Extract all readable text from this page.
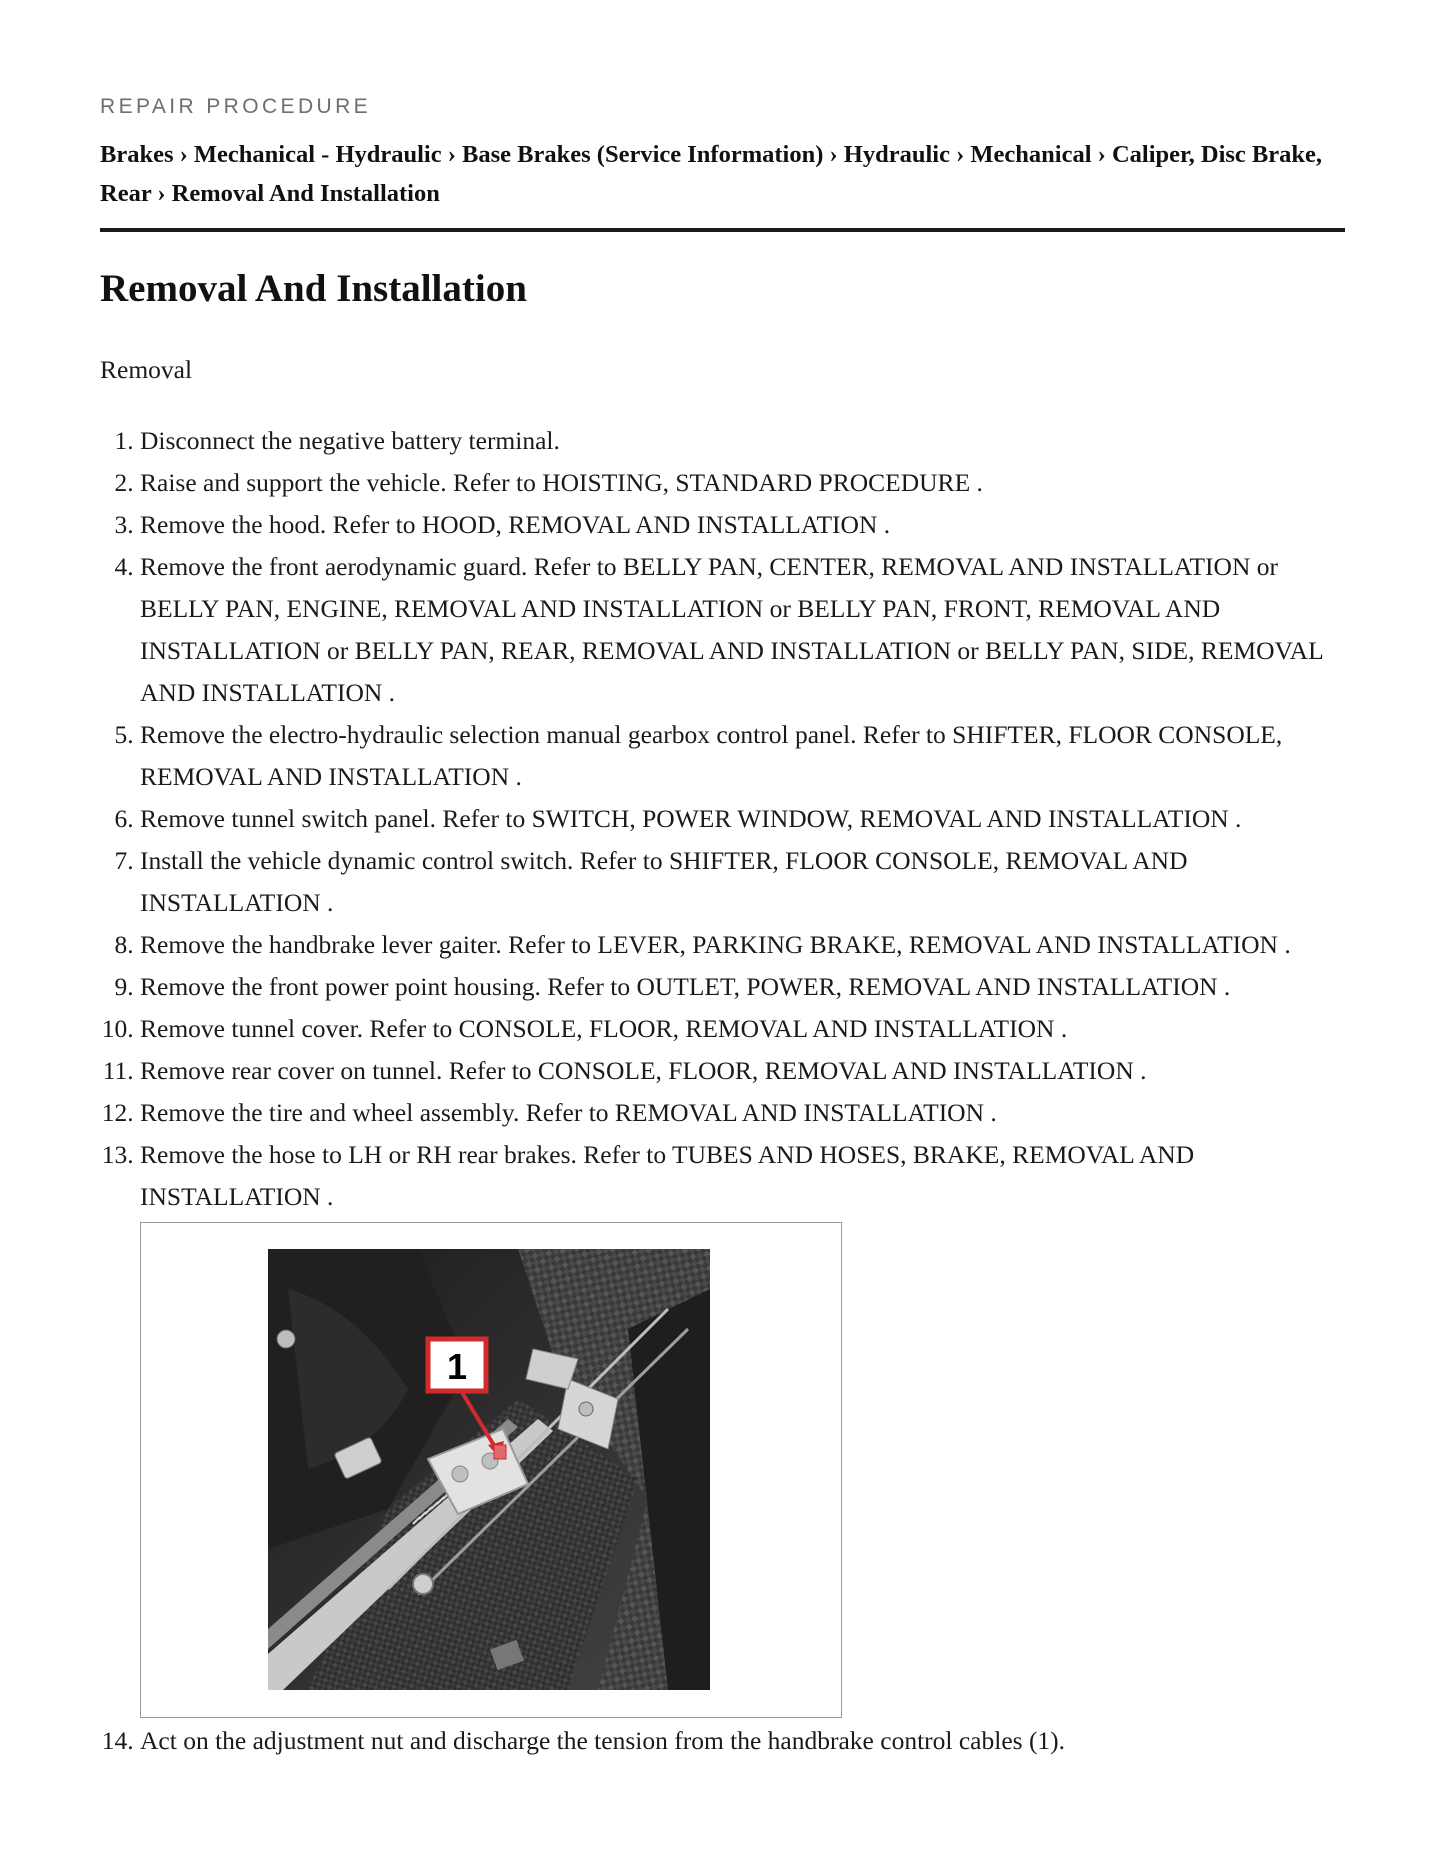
REPAIR PROCEDURE

Brakes › Mechanical - Hydraulic › Base Brakes (Service Information) › Hydraulic › Mechanical › Caliper, Disc Brake, Rear › Removal And Installation
Removal And Installation

Removal

1. Disconnect the negative battery terminal.
2. Raise and support the vehicle. Refer to HOISTING, STANDARD PROCEDURE .
3. Remove the hood. Refer to HOOD, REMOVAL AND INSTALLATION .
4. Remove the front aerodynamic guard. Refer to BELLY PAN, CENTER, REMOVAL AND INSTALLATION or BELLY PAN, ENGINE, REMOVAL AND INSTALLATION or BELLY PAN, FRONT, REMOVAL AND INSTALLATION or BELLY PAN, REAR, REMOVAL AND INSTALLATION or BELLY PAN, SIDE, REMOVAL AND INSTALLATION .
5. Remove the electro-hydraulic selection manual gearbox control panel. Refer to SHIFTER, FLOOR CONSOLE, REMOVAL AND INSTALLATION .
6. Remove tunnel switch panel. Refer to SWITCH, POWER WINDOW, REMOVAL AND INSTALLATION .
7. Install the vehicle dynamic control switch. Refer to SHIFTER, FLOOR CONSOLE, REMOVAL AND INSTALLATION .
8. Remove the handbrake lever gaiter. Refer to LEVER, PARKING BRAKE, REMOVAL AND INSTALLATION .
9. Remove the front power point housing. Refer to OUTLET, POWER, REMOVAL AND INSTALLATION .
10. Remove tunnel cover. Refer to CONSOLE, FLOOR, REMOVAL AND INSTALLATION .
11. Remove rear cover on tunnel. Refer to CONSOLE, FLOOR, REMOVAL AND INSTALLATION .
12. Remove the tire and wheel assembly. Refer to REMOVAL AND INSTALLATION .
13. Remove the hose to LH or RH rear brakes. Refer to TUBES AND HOSES, BRAKE, REMOVAL AND INSTALLATION .
1
14. Act on the adjustment nut and discharge the tension from the handbrake control cables (1).
